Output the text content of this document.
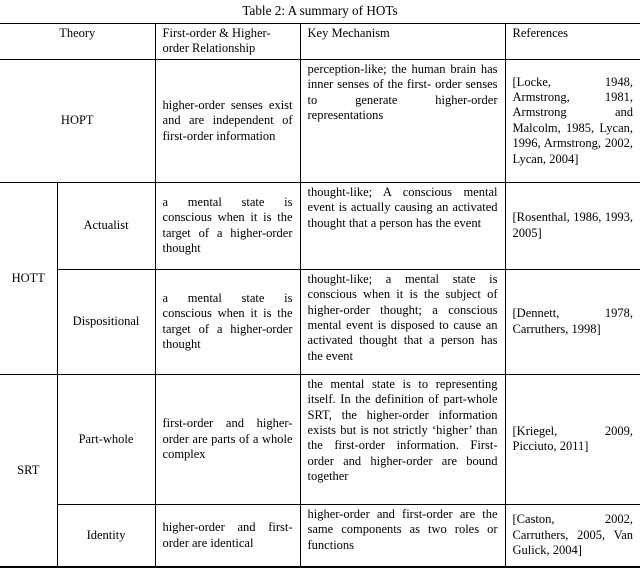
Table 2: A summary of HOTs
Theory		First-order & Higher-order Relationship	Key Mechanism	References
HOPT		higher-order senses exist and are independent of first-order information	perception-like; the human brain has inner senses of the first- order senses to generate higher-order representations	[Locke, 1948, Armstrong, 1981, Armstrong and Malcolm, 1985, Lycan, 1996, Armstrong, 2002, Lycan, 2004]
HOTT	Actualist	a mental state is conscious when it is the target of a higher-order thought	thought-like; A conscious mental event is actually causing an activated thought that a person has the event	[Rosenthal, 1986, 1993, 2005]
	Dispositional	a mental state is conscious when it is the target of a higher-order thought	thought-like; a mental state is conscious when it is the subject of higher-order thought; a conscious mental event is disposed to cause an activated thought that a person has the event	[Dennett, 1978, Carruthers, 1998]
SRT	Part-whole	first-order and higher-order are parts of a whole complex	the mental state is to representing itself. In the definition of part-whole SRT, the higher-order information exists but is not strictly ‘higher’ than the first-order information. First-order and higher-order are bound together	[Kriegel, 2009, Picciuto, 2011]
	Identity	higher-order and first-order are identical	higher-order and first-order are the same components as two roles or functions	[Caston, 2002, Carruthers, 2005, Van Gulick, 2004]
